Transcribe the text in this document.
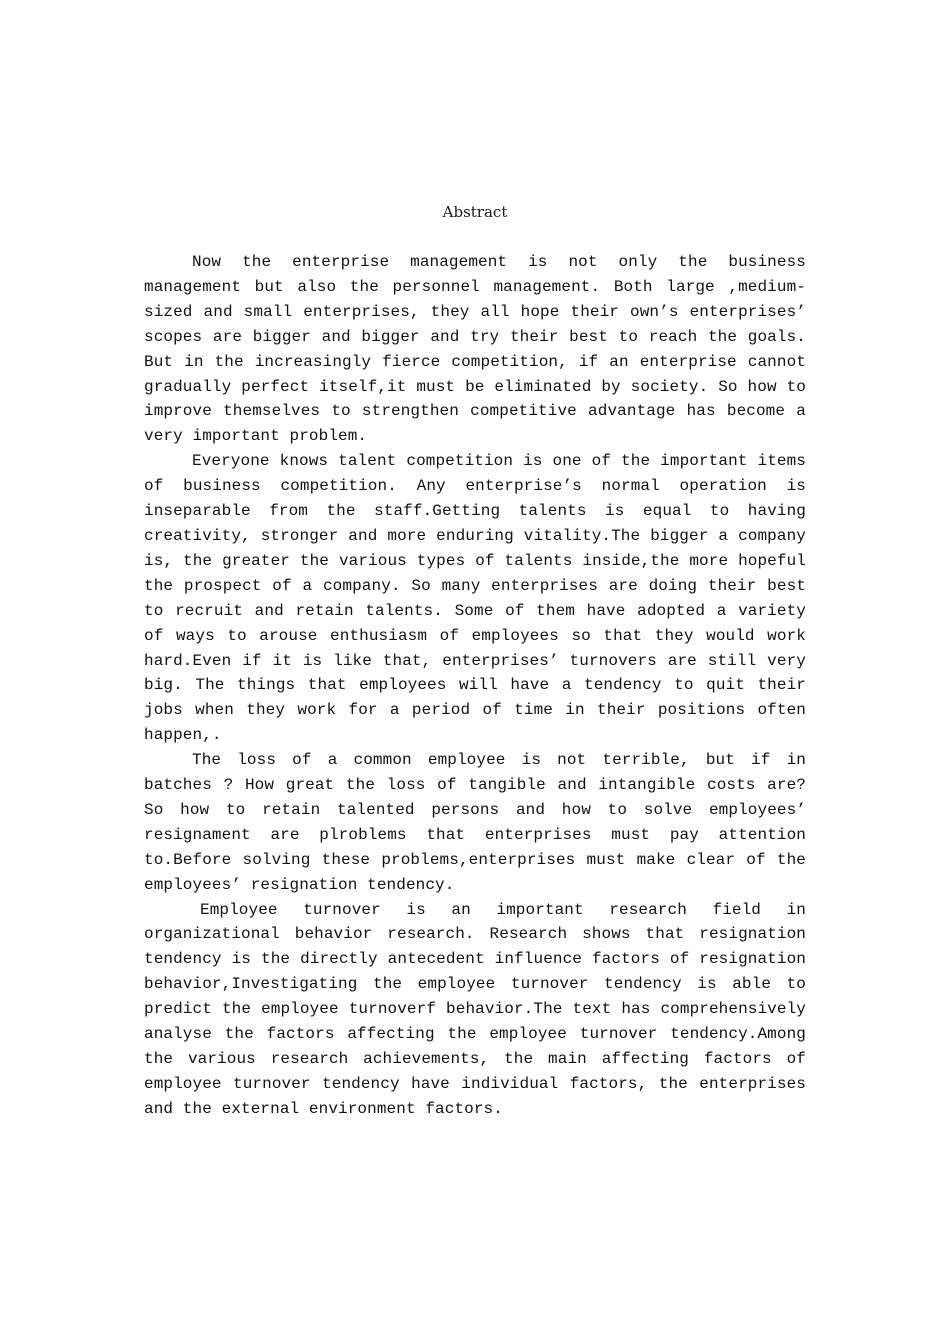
Abstract

Now the enterprise management is not only the business management but also the personnel management. Both large ,medium-sized and small enterprises, they all hope their own’s enterprises’ scopes are bigger and bigger and try their best to reach the goals. But in the increasingly fierce competition, if an enterprise cannot gradually perfect itself,it must be eliminated by society. So how to improve themselves to strengthen competitive advantage has become a very important problem.

Everyone knows talent competition is one of the important items of business competition. Any enterprise’s normal operation is inseparable from the staff.Getting talents is equal to having creativity, stronger and more enduring vitality.The bigger a company is, the greater the various types of talents inside,the more hopeful the prospect of a company. So many enterprises are doing their best to recruit and retain talents. Some of them have adopted a variety of ways to arouse enthusiasm of employees so that they would work hard.Even if it is like that, enterprises’ turnovers are still very big. The things that employees will have a tendency to quit their jobs when they work for a period of time in their positions often happen,.

The loss of a common employee is not terrible, but if in batches ? How great the loss of tangible and intangible costs are? So how to retain talented persons and how to solve employees’ resignament are plroblems that enterprises must pay attention to.Before solving these problems,enterprises must make clear of the employees’ resignation tendency.

Employee turnover is an important research field in organizational behavior research. Research shows that resignation tendency is the directly antecedent influence factors of resignation behavior,Investigating the employee turnover tendency is able to predict the employee turnoverf behavior.The text has comprehensively analyse the factors affecting the employee turnover tendency.Among the various research achievements, the main affecting factors of employee turnover tendency have individual factors, the enterprises and the external environment factors.
